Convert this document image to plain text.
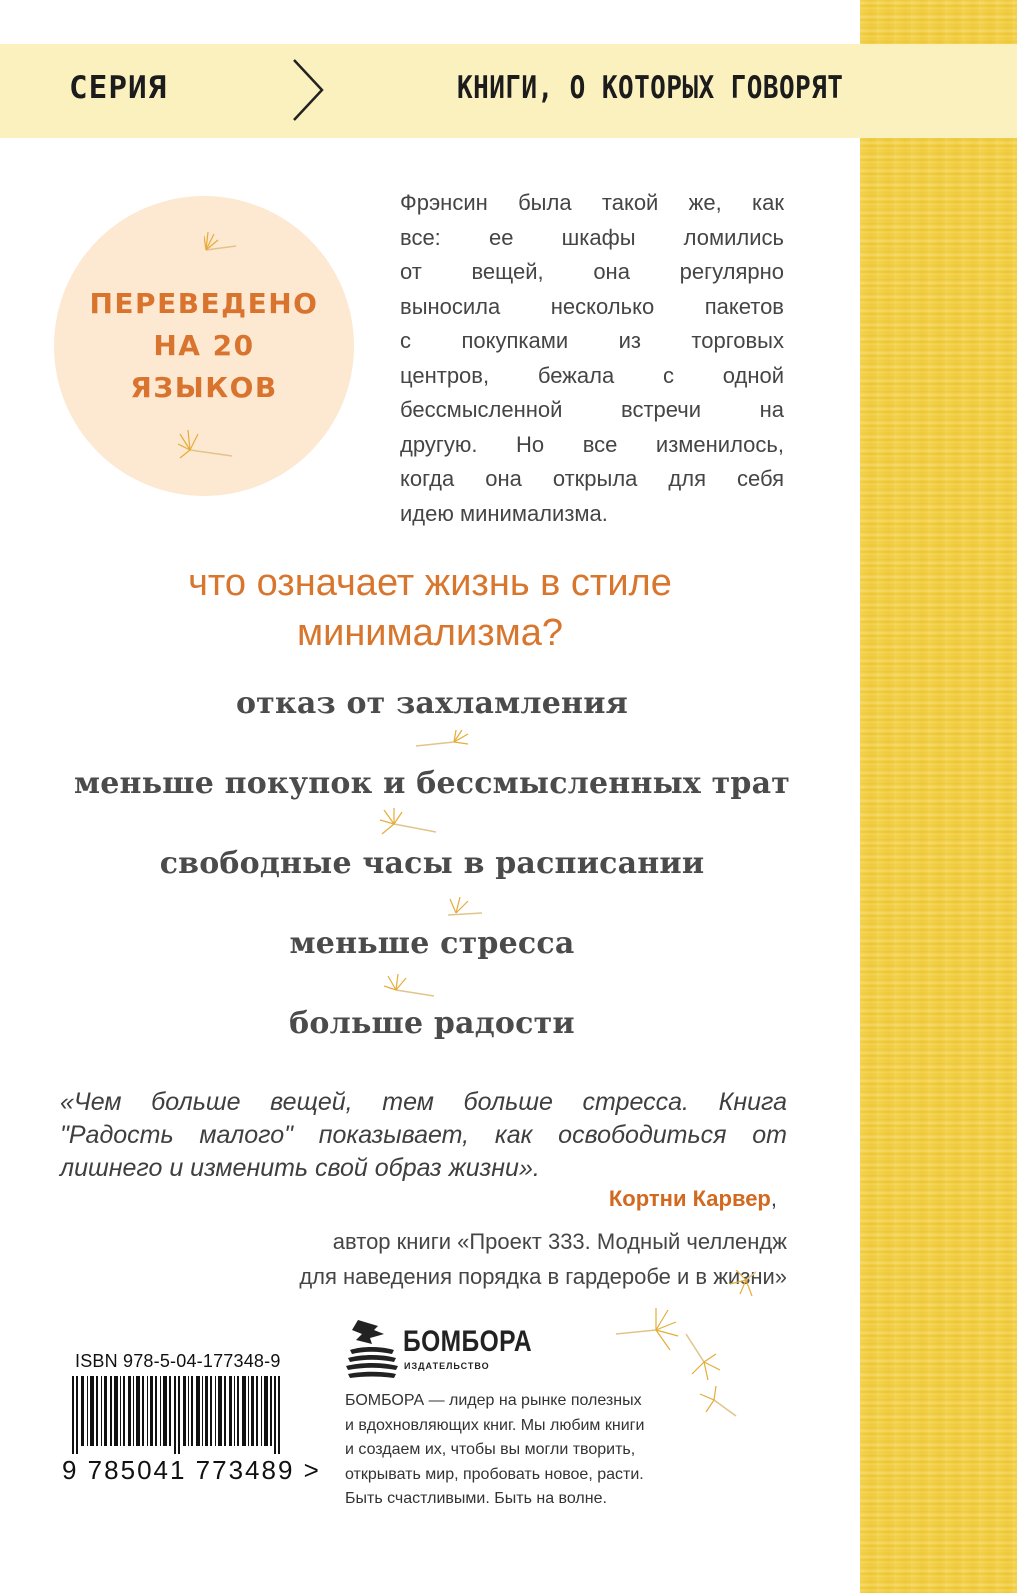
СЕРИЯ	КНИГИ, О КОТОРЫХ ГОВОРЯТ
ПЕРЕВЕДЕНО
НА 20
ЯЗЫКОВ
Фрэнсин была такой же, как
все: ее шкафы ломились
от вещей, она регулярно
выносила несколько пакетов
с покупками из торговых
центров, бежала с одной
бессмысленной встречи на
другую. Но все изменилось,
когда она открыла для себя
идею минимализма.
что означает жизнь в стиле
минимализма?
отказ от захламления
меньше покупок и бессмысленных трат
свободные часы в расписании
меньше стресса
больше радости
«Чем больше вещей, тем больше стресса. Книга
"Радость малого" показывает, как освободиться от
лишнего и изменить свой образ жизни».
Кортни Карвер,
автор книги «Проект 333. Модный челлендж
для наведения порядка в гардеробе и в жизни»
ISBN 978-5-04-177348-9
9 785041 773489 >
БОМБОРА
ИЗДАТЕЛЬСТВО
БОМБОРА — лидер на рынке полезных
и вдохновляющих книг. Мы любим книги
и создаем их, чтобы вы могли творить,
открывать мир, пробовать новое, расти.
Быть счастливыми. Быть на волне.
